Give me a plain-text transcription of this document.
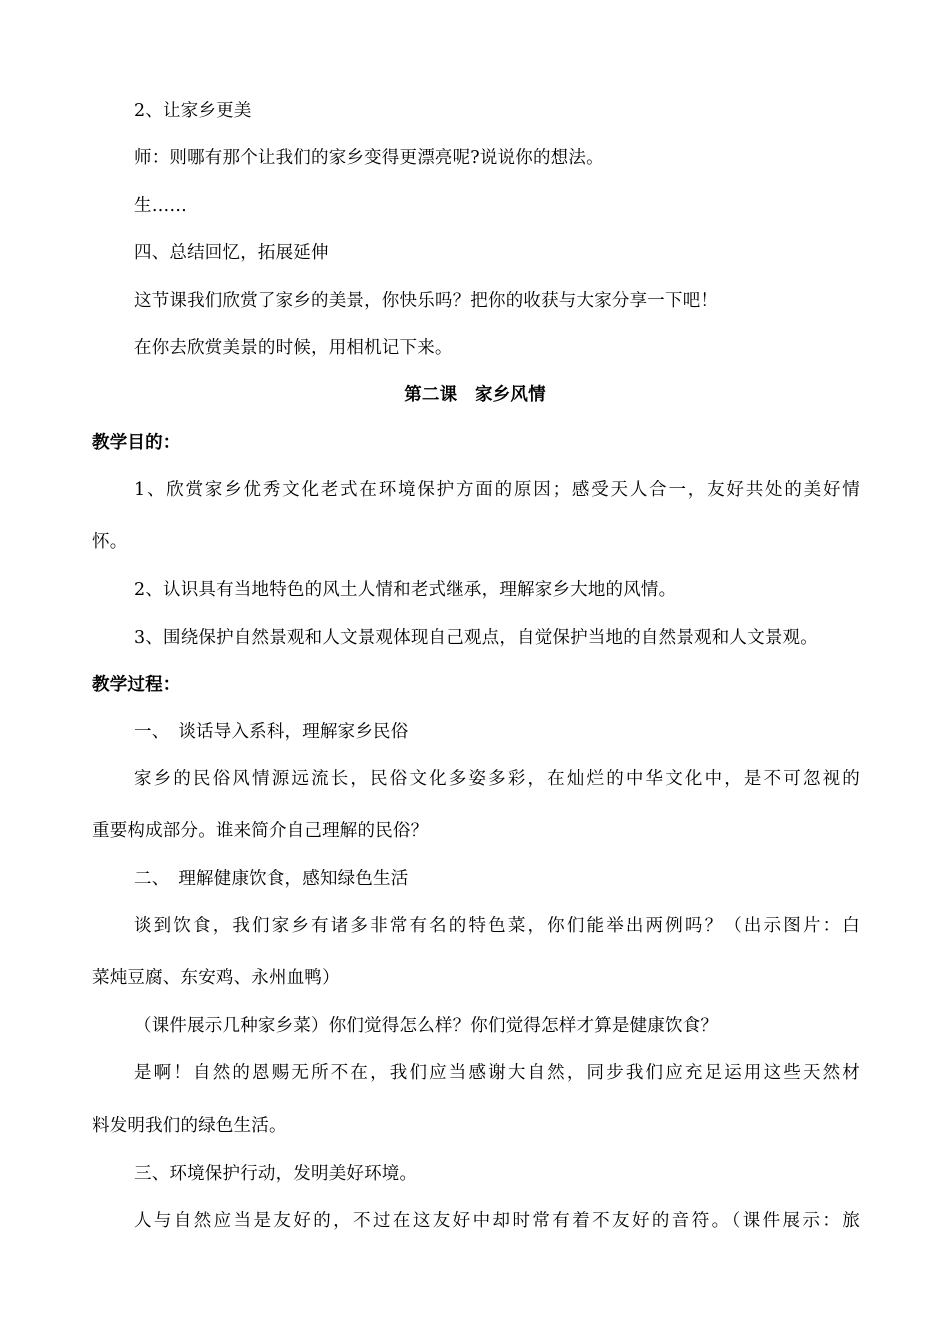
2、让家乡更美
师：则哪有那个让我们的家乡变得更漂亮呢?说说你的想法。
生……
四、总结回忆，拓展延伸
这节课我们欣赏了家乡的美景，你快乐吗？把你的收获与大家分享一下吧！
在你去欣赏美景的时候，用相机记下来。
第二课　家乡风情
教学目的：
1、欣赏家乡优秀文化老式在环境保护方面的原因；感受天人合一，友好共处的美好情
怀。
2、认识具有当地特色的风土人情和老式继承，理解家乡大地的风情。
3、围绕保护自然景观和人文景观体现自己观点，自觉保护当地的自然景观和人文景观。
教学过程：
一、　谈话导入系科，理解家乡民俗
家乡的民俗风情源远流长，民俗文化多姿多彩，在灿烂的中华文化中，是不可忽视的
重要构成部分。谁来简介自己理解的民俗？
二、　理解健康饮食，感知绿色生活
谈到饮食，我们家乡有诸多非常有名的特色菜，你们能举出两例吗？（出示图片：白
菜炖豆腐、东安鸡、永州血鸭）
（课件展示几种家乡菜）你们觉得怎么样？你们觉得怎样才算是健康饮食？
是啊！自然的恩赐无所不在，我们应当感谢大自然，同步我们应充足运用这些天然材
料发明我们的绿色生活。
三、环境保护行动，发明美好环境。
人与自然应当是友好的，不过在这友好中却时常有着不友好的音符。（课件展示：旅
